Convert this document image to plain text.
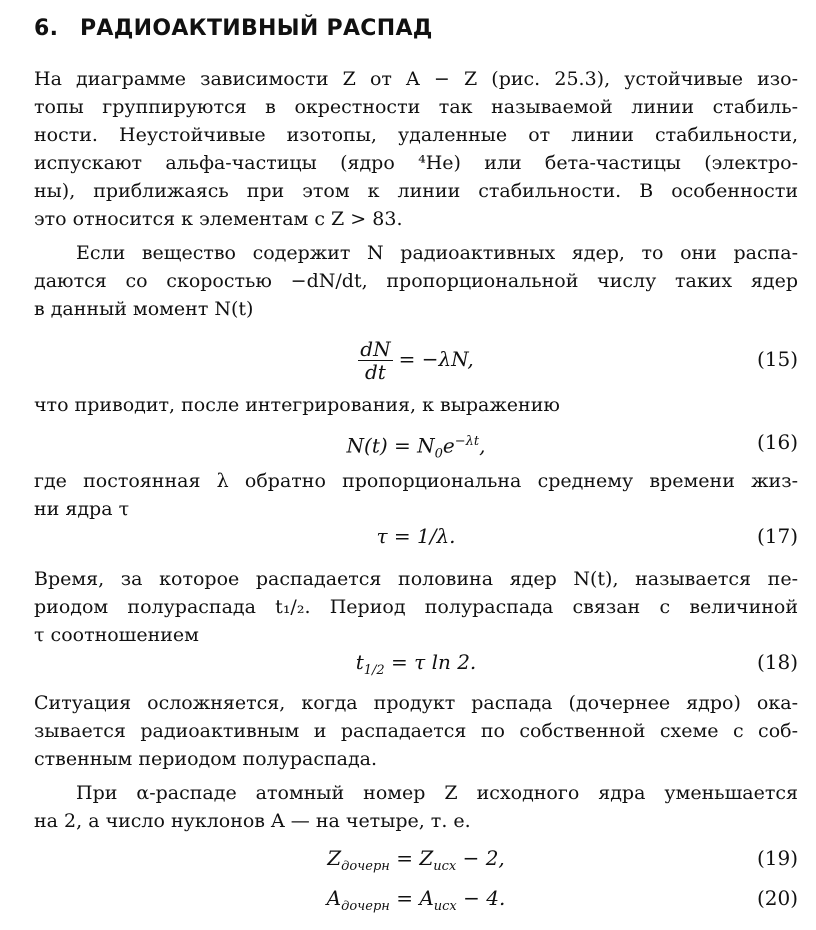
6. РАДИОАКТИВНЫЙ РАСПАД
На диаграмме зависимости Z от A − Z (рис. 25.3), устойчивые изо-
топы группируются в окрестности так называемой линии стабиль-
ности. Неустойчивые изотопы, удаленные от линии стабильности,
испускают альфа-частицы (ядро ⁴He) или бета-частицы (электро-
ны), приближаясь при этом к линии стабильности. В особенности
это относится к элементам с Z > 83.
Если вещество содержит N радиоактивных ядер, то они распа-
даются со скоростью −dN/dt, пропорциональной числу таких ядер
в данный момент N(t)
$\frac{dN}{dt} = -\lambda N$,	(15)
что приводит, после интегрирования, к выражению
$N(t) = N_0e^{-\lambda t}$,	(16)
где постоянная λ обратно пропорциональна среднему времени жиз-
ни ядра τ
τ = 1/λ.	(17)
Время, за которое распадается половина ядер N(t), называется пе-
риодом полураспада t₁/₂. Период полураспада связан с величиной
τ соотношением
$t_{1/2} = \tau$ ln 2.	(18)
Ситуация осложняется, когда продукт распада (дочернее ядро) ока-
зывается радиоактивным и распадается по собственной схеме с соб-
ственным периодом полураспада.
При α-распаде атомный номер Z исходного ядра уменьшается
на 2, а число нуклонов A — на четыре, т. е.
$Z_{дочерн} = Z_{исх} - 2$,	(19)
$A_{дочерн} = A_{исх} - 4$.	(20)
